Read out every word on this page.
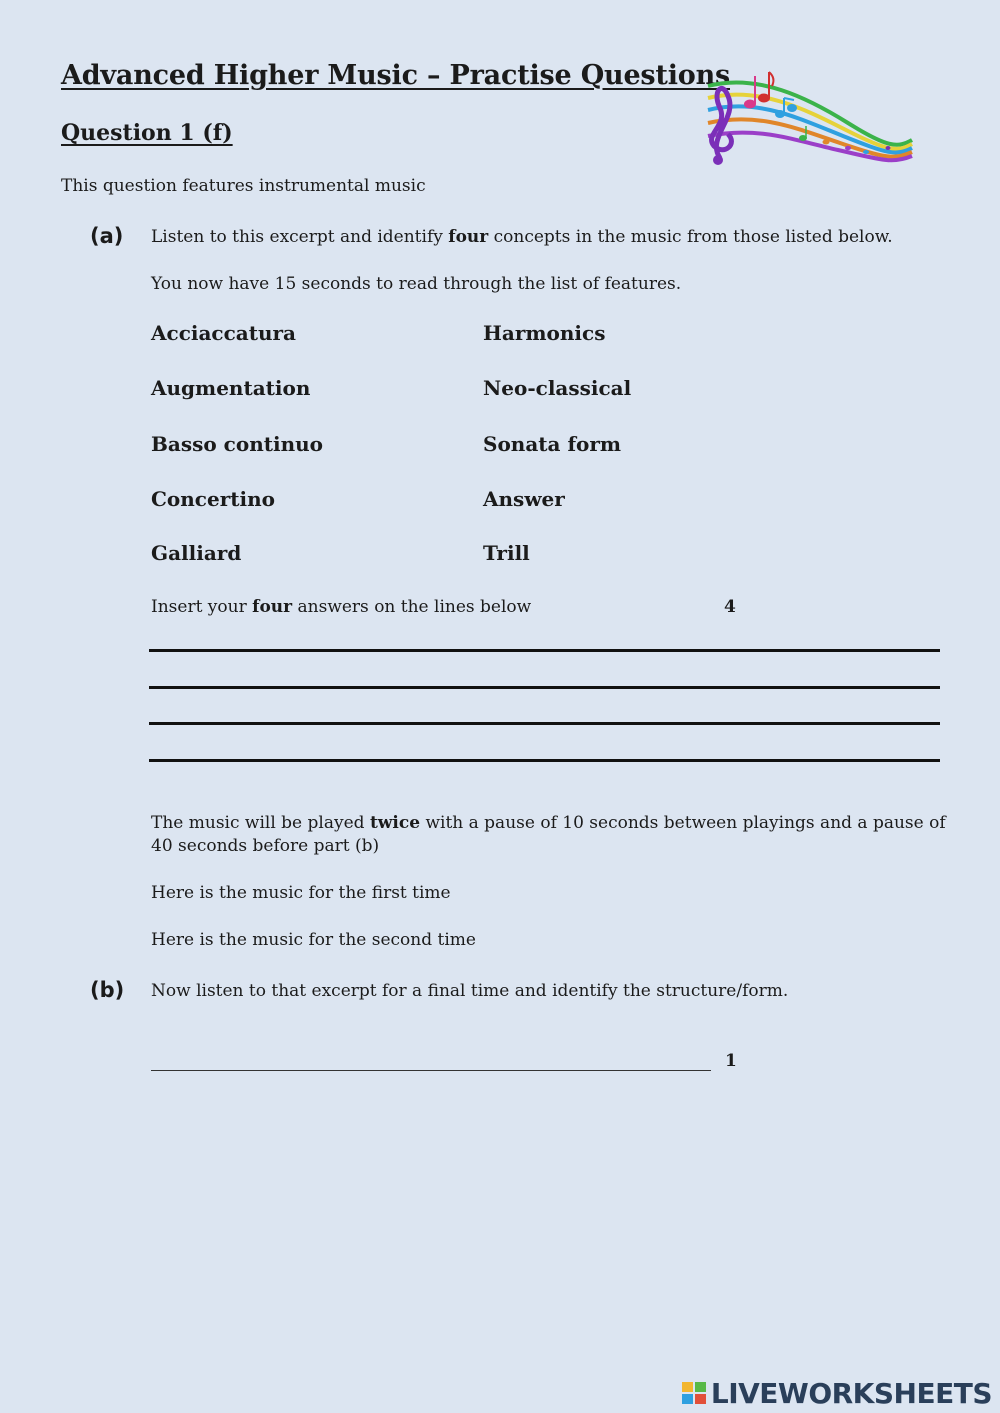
Advanced Higher Music – Practise Questions
Question 1 (f)
This question features instrumental music
(a) Listen to this excerpt and identify four concepts in the music from those listed below.
You now have 15 seconds to read through the list of features.
Acciaccatura
Augmentation
Basso continuo
Concertino
Galliard
Harmonics
Neo-classical
Sonata form
Answer
Trill
Insert your four answers on the lines below	4
The music will be played twice with a pause of 10 seconds between playings and a pause of 40 seconds before part (b)
Here is the music for the first time
Here is the music for the second time
(b) Now listen to that excerpt for a final time and identify the structure/form.
1
LIVEWORKSHEETS
